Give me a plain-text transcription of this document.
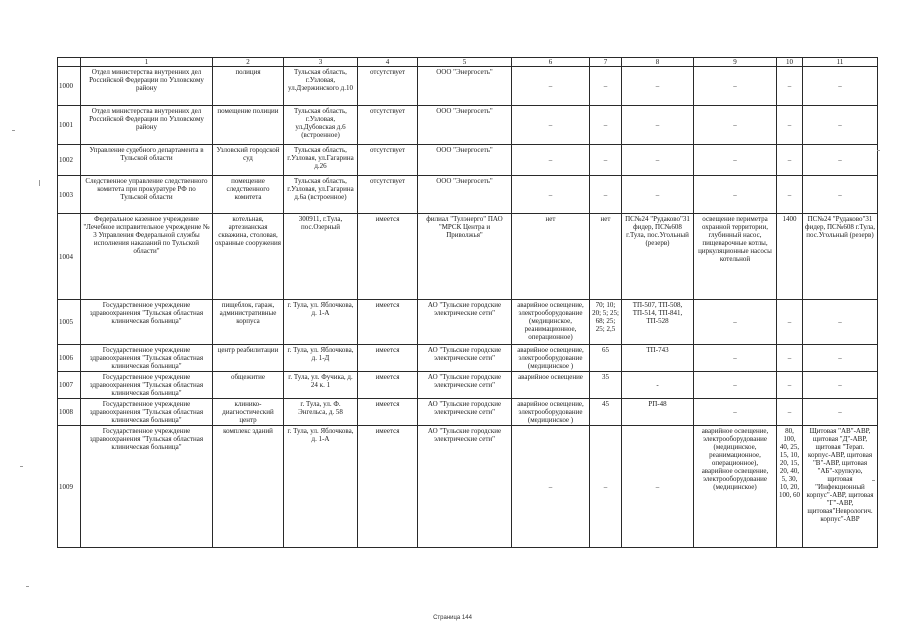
	1	2	3	4	5	6	7	8	9	10	11
1000	Отдел министерства внутренних дел Российской Федерации по Узловскому району	полиция	Тульская область, г.Узловая, ул.Дзержинского д.10	отсутствует	ООО "Энергосеть"	–	–	–	–	–	–
1001	Отдел министерства внутренних дел Российской Федерации по Узловскому району	помещение полиции	Тульская область, г.Узловая, ул.Дубовская д.6 (встроенное)	отсутствует	ООО "Энергосеть"	–	–	–	–	–	–
1002	Управление судебного департамента в Тульской области	Узловский городской суд	Тульская область, г.Узловая, ул.Гагарина д.26	отсутствует	ООО "Энергосеть"	–	–	–	–	–	–
1003	Следственное управление следственного комитета при прокуратуре РФ по Тульской области	помещение следственного комитета	Тульская область, г.Узловая, ул.Гагарина д.6а (встроенное)	отсутствует	ООО "Энергосеть"	–	–	–	–	–	–
1004	Федеральное казенное учреждение "Лечебное исправительное учреждение № 3 Управления Федеральной службы исполнения наказаний по Тульской области"	котельная, артезианская скважина, столовая, охранные сооружения	300911, г.Тула, пос.Озерный	имеется	филиал "Тулэнерго" ПАО "МРСК Центра и Приволжья"	нет	нет	ПС№24 "Рудаково"31 фидер, ПС№608 г.Тула, пос.Угольный (резерв)	освещение периметра охранной территории, глубинный насос, пищеварочные котлы, циркуляционные насосы котельной	1400	ПС№24 "Рудаково"31 фидер, ПС№608 г.Тула, пос.Угольный (резерв)
1005	Государственное учреждение здравоохранения "Тульская областная клиническая больница"	пищеблок, гараж, административные корпуса	г. Тула, ул. Яблочкова, д. 1-А	имеется	АО "Тульские городские электрические сети"	аварийное освещение, электрооборудование (медицинское, реанимационное, операционное)	70; 10; 20; 5; 25; 68; 25; 25; 2,5	ТП-507, ТП-508, ТП-514, ТП-841, ТП-528	–	–	–
1006	Государственное учреждение здравоохранения "Тульская областная клиническая больница"	центр реабилитации	г. Тула, ул. Яблочкова, д. 1-Д	имеется	АО "Тульские городские электрические сети"	аварийное освещение, электрооборудование (медицинское )	65	ТП-743	–	–	–
1007	Государственное учреждение здравоохранения "Тульская областная клиническая больница"	общежитие	г. Тула, ул. Фучика, д. 24 к. 1	имеется	АО "Тульские городские электрические сети"	аварийное освещение	35	-	–	–	–
1008	Государственное учреждение здравоохранения "Тульская областная клиническая больница"	клинико-диагностический центр	г. Тула, ул. Ф. Энгельса, д. 58	имеется	АО "Тульские городские электрические сети"	аварийное освещение, электрооборудование (медицинское )	45	РП-48	–	–	–
1009	Государственное учреждение здравоохранения "Тульская областная клиническая больница"	комплекс зданий	г. Тула, ул. Яблочкова, д. 1-А	имеется	АО "Тульские городские электрические сети"	–	–	–	аварийное освещение, электрооборудование (медицинское, реанимационное, операционное), аварийное освещение, электрооборудование (медицинское)	80, 100, 40, 25, 15, 10, 20, 15, 20, 40, 5, 30, 10, 20, 100, 60	Щитовая "АВ"-АВР, щитовая "Д"-АВР, щитовая "Терап. корпус-АВР, щитовая "В"-АВР, щитовая "АБ"-хрупкую, щитовая "Инфекционный корпус"-АВР, щитовая "Г"-АВР, щитовая"Неврологич. корпус"-АВР
Страница 144
